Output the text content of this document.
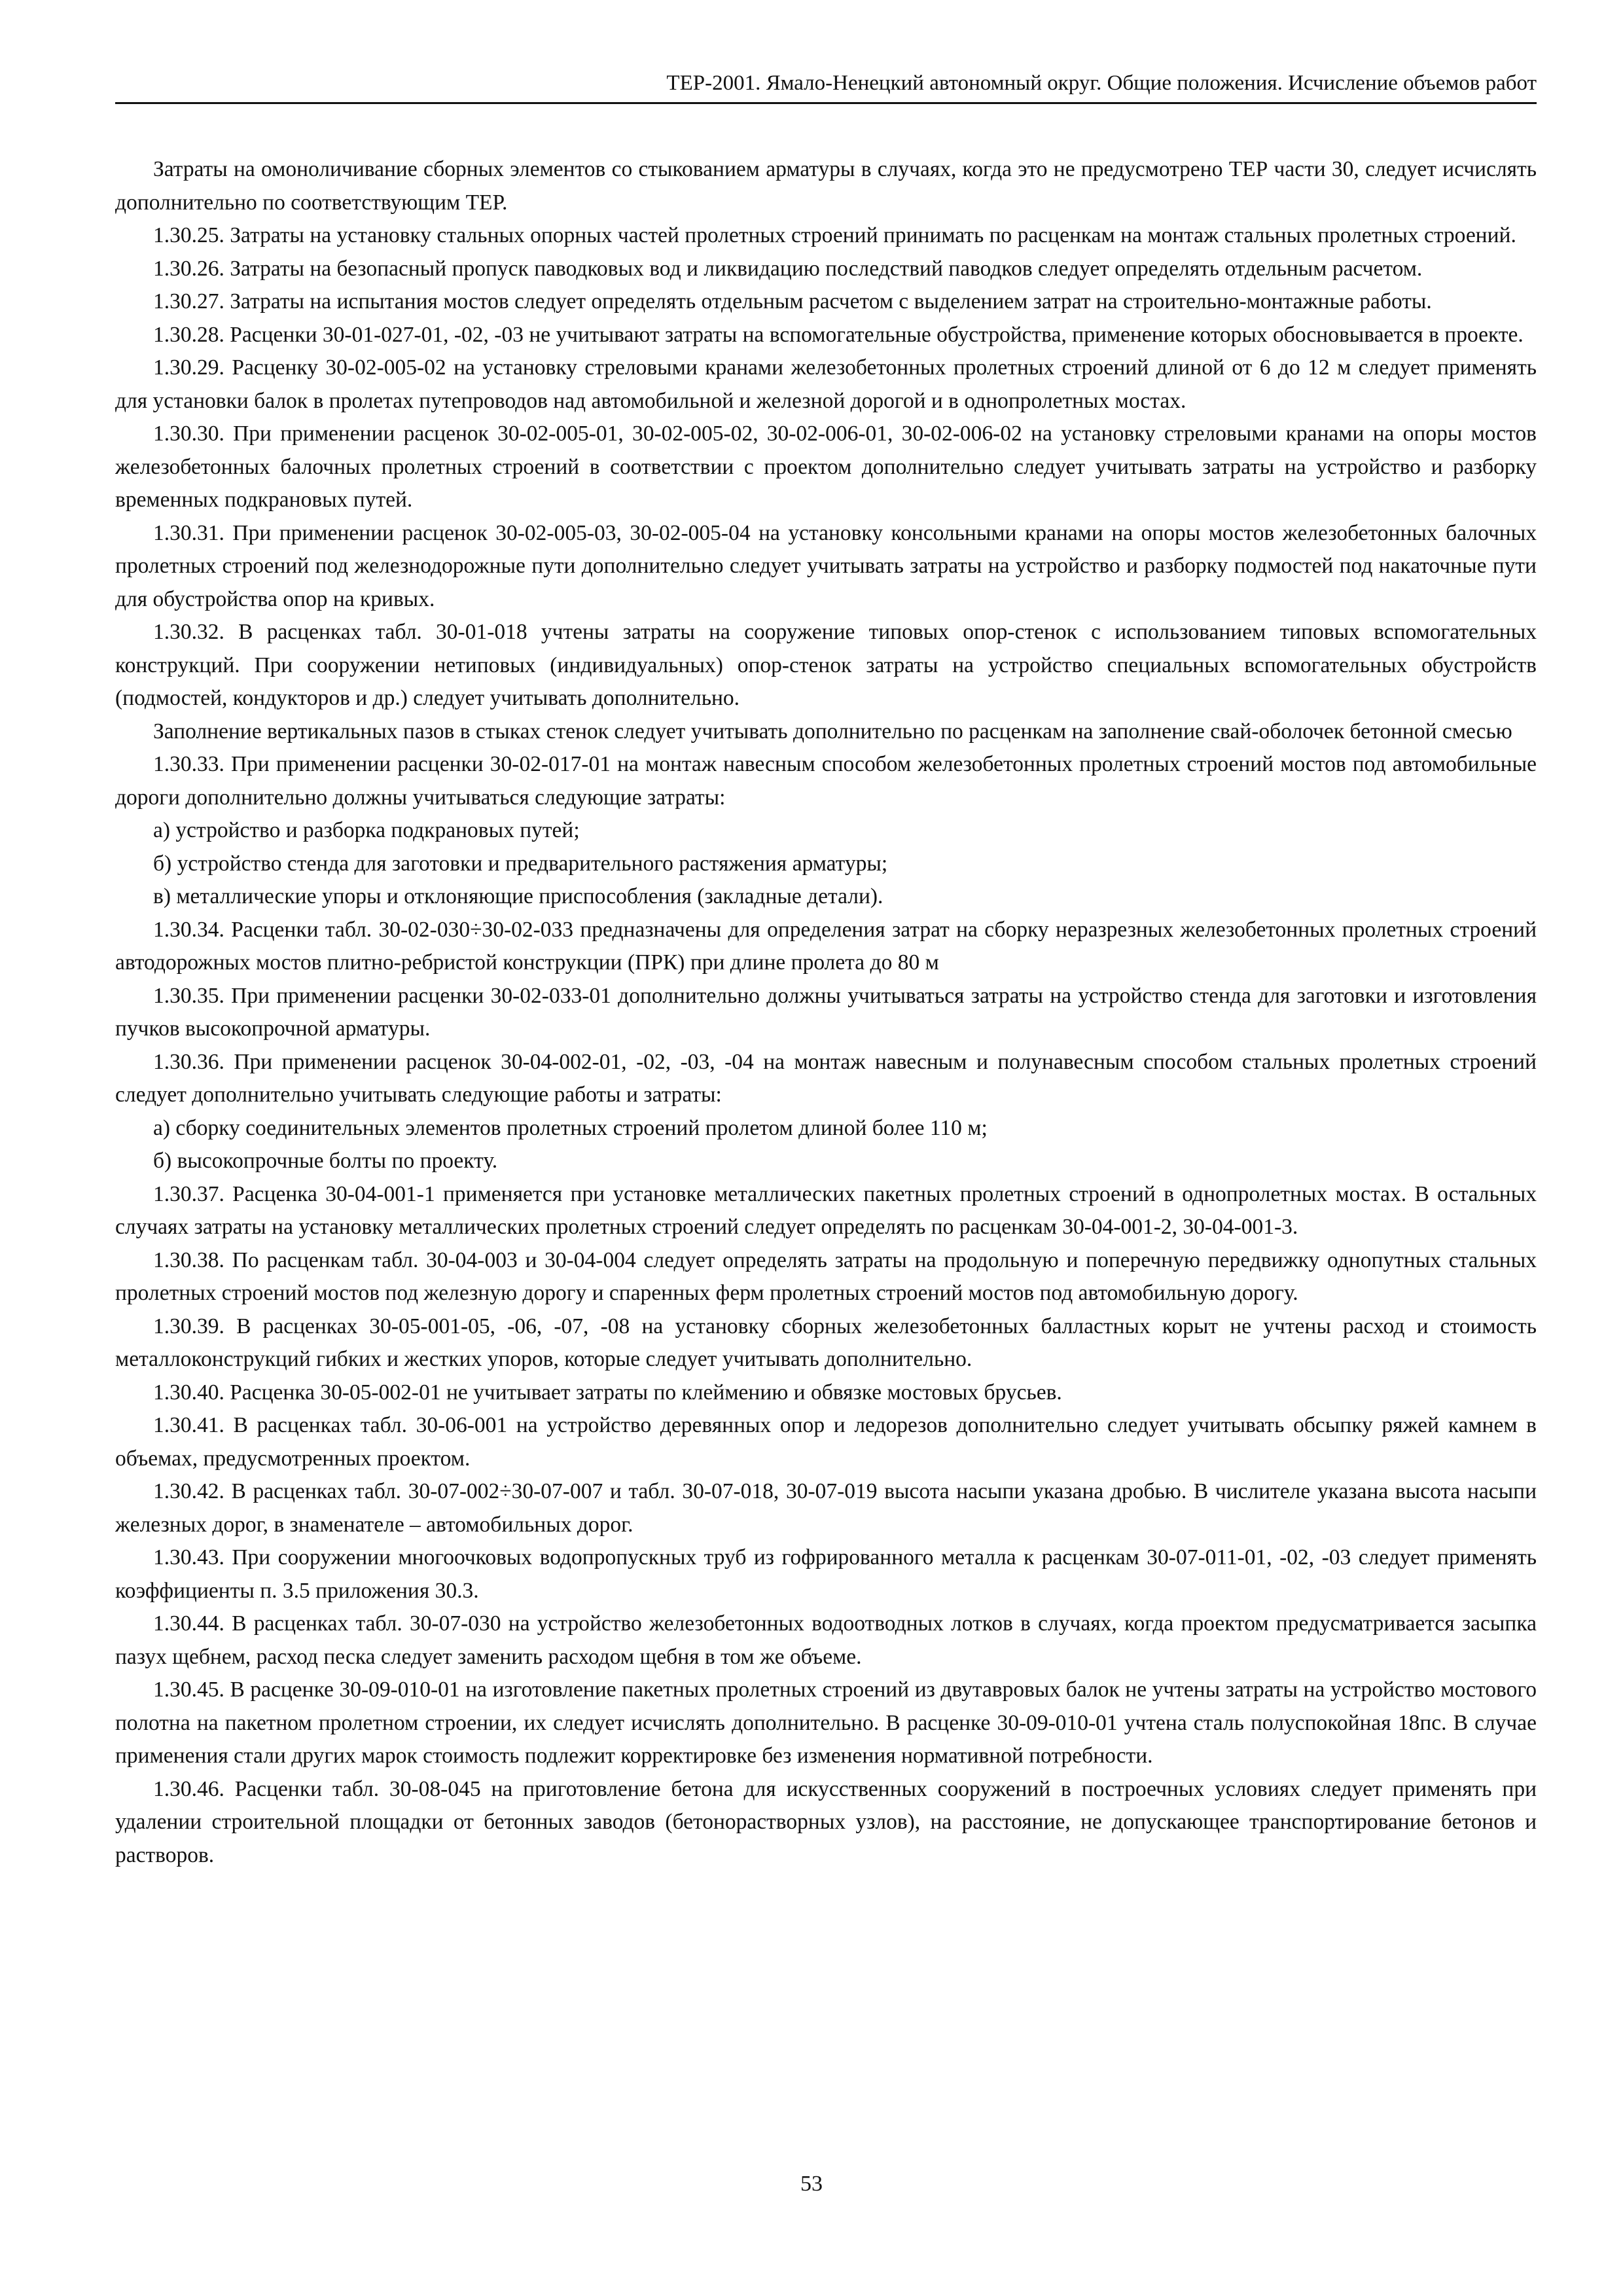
ТЕР-2001. Ямало-Ненецкий автономный округ. Общие положения. Исчисление объемов работ

Затраты на омоноличивание сборных элементов со стыкованием арматуры в случаях, когда это не предусмотрено ТЕР части 30, следует исчислять дополнительно по соответствующим ТЕР.

1.30.25. Затраты на установку стальных опорных частей пролетных строений принимать по расценкам на монтаж стальных пролетных строений.

1.30.26. Затраты на безопасный пропуск паводковых вод и ликвидацию последствий паводков следует определять отдельным расчетом.

1.30.27. Затраты на испытания мостов следует определять отдельным расчетом с выделением затрат на строительно-монтажные работы.

1.30.28. Расценки 30-01-027-01, -02, -03 не учитывают затраты на вспомогательные обустройства, применение которых обосновывается в проекте.

1.30.29. Расценку 30-02-005-02 на установку стреловыми кранами железобетонных пролетных строений длиной от 6 до 12 м следует применять для установки балок в пролетах путепроводов над автомобильной и железной дорогой и в однопролетных мостах.

1.30.30. При применении расценок 30-02-005-01, 30-02-005-02, 30-02-006-01, 30-02-006-02 на установку стреловыми кранами на опоры мостов железобетонных балочных пролетных строений в соответствии с проектом дополнительно следует учитывать затраты на устройство и разборку временных подкрановых путей.

1.30.31. При применении расценок 30-02-005-03, 30-02-005-04 на установку консольными кранами на опоры мостов железобетонных балочных пролетных строений под железнодорожные пути дополнительно следует учитывать затраты на устройство и разборку подмостей под накаточные пути для обустройства опор на кривых.

1.30.32. В расценках табл. 30-01-018 учтены затраты на сооружение типовых опор-стенок с использованием типовых вспомогательных конструкций. При сооружении нетиповых (индивидуальных) опор-стенок затраты на устройство специальных вспомогательных обустройств (подмостей, кондукторов и др.) следует учитывать дополнительно.

Заполнение вертикальных пазов в стыках стенок следует учитывать дополнительно по расценкам на заполнение свай-оболочек бетонной смесью

1.30.33. При применении расценки 30-02-017-01 на монтаж навесным способом железобетонных пролетных строений мостов под автомобильные дороги дополнительно должны учитываться следующие затраты:

а) устройство и разборка подкрановых путей;

б) устройство стенда для заготовки и предварительного растяжения арматуры;

в) металлические упоры и отклоняющие приспособления (закладные детали).

1.30.34. Расценки табл. 30-02-030÷30-02-033 предназначены для определения затрат на сборку неразрезных железобетонных пролетных строений автодорожных мостов плитно-ребристой конструкции (ПРК) при длине пролета до 80 м

1.30.35. При применении расценки 30-02-033-01 дополнительно должны учитываться затраты на устройство стенда для заготовки и изготовления пучков высокопрочной арматуры.

1.30.36. При применении расценок 30-04-002-01, -02, -03, -04 на монтаж навесным и полунавесным способом стальных пролетных строений следует дополнительно учитывать следующие работы и затраты:

а) сборку соединительных элементов пролетных строений пролетом длиной более 110 м;

б) высокопрочные болты по проекту.

1.30.37. Расценка 30-04-001-1 применяется при установке металлических пакетных пролетных строений в однопролетных мостах. В остальных случаях затраты на установку металлических пролетных строений следует определять по расценкам 30-04-001-2, 30-04-001-3.

1.30.38. По расценкам табл. 30-04-003 и 30-04-004 следует определять затраты на продольную и поперечную передвижку однопутных стальных пролетных строений мостов под железную дорогу и спаренных ферм пролетных строений мостов под автомобильную дорогу.

1.30.39. В расценках 30-05-001-05, -06, -07, -08 на установку сборных железобетонных балластных корыт не учтены расход и стоимость металлоконструкций гибких и жестких упоров, которые следует учитывать дополнительно.

1.30.40. Расценка 30-05-002-01 не учитывает затраты по клеймению и обвязке мостовых брусьев.

1.30.41. В расценках табл. 30-06-001 на устройство деревянных опор и ледорезов дополнительно следует учитывать обсыпку ряжей камнем в объемах, предусмотренных проектом.

1.30.42. В расценках табл. 30-07-002÷30-07-007 и табл. 30-07-018, 30-07-019 высота насыпи указана дробью. В числителе указана высота насыпи железных дорог, в знаменателе – автомобильных дорог.

1.30.43. При сооружении многоочковых водопропускных труб из гофрированного металла к расценкам 30-07-011-01, -02, -03 следует применять коэффициенты п. 3.5 приложения 30.3.

1.30.44. В расценках табл. 30-07-030 на устройство железобетонных водоотводных лотков в случаях, когда проектом предусматривается засыпка пазух щебнем, расход песка следует заменить расходом щебня в том же объеме.

1.30.45. В расценке 30-09-010-01 на изготовление пакетных пролетных строений из двутавровых балок не учтены затраты на устройство мостового полотна на пакетном пролетном строении, их следует исчислять дополнительно. В расценке 30-09-010-01 учтена сталь полуспокойная 18пс. В случае применения стали других марок стоимость подлежит корректировке без изменения нормативной потребности.

1.30.46. Расценки табл. 30-08-045 на приготовление бетона для искусственных сооружений в построечных условиях следует применять при удалении строительной площадки от бетонных заводов (бетонорастворных узлов), на расстояние, не допускающее транспортирование бетонов и растворов.

53
